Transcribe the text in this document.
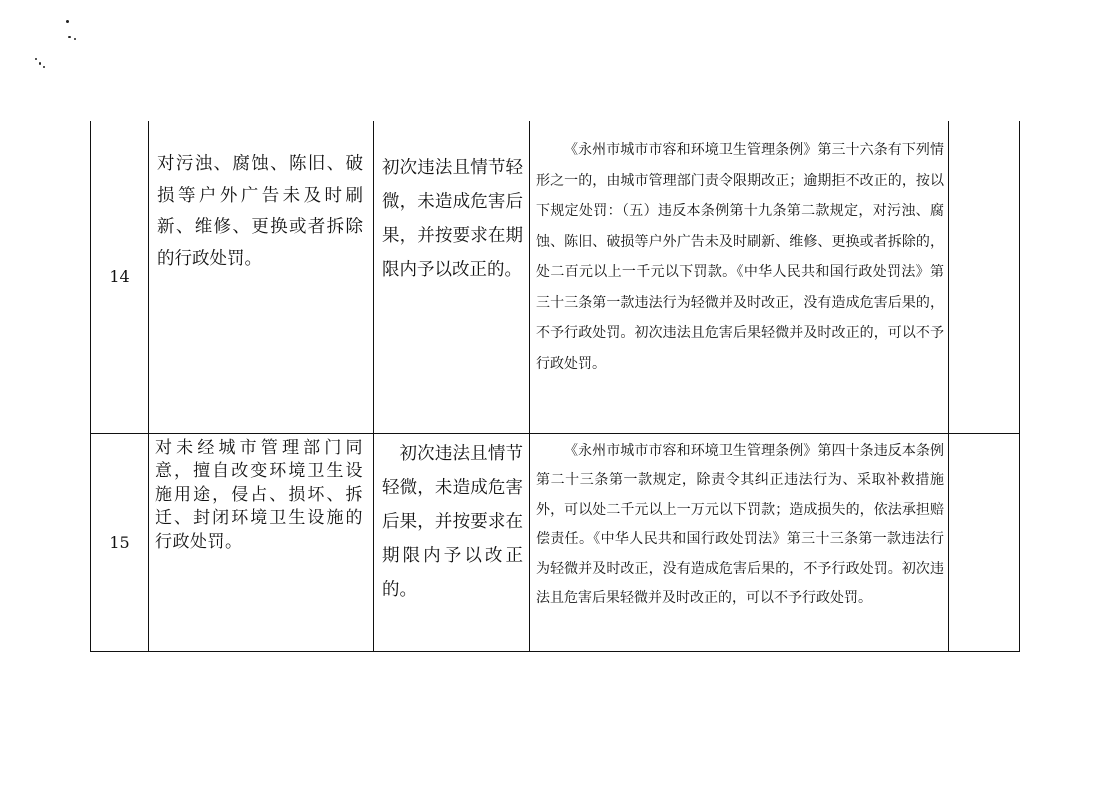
14	对污浊、腐蚀、陈旧、破损等户外广告未及时刷新、维修、更换或者拆除的行政处罚。	初次违法且情节轻微，未造成危害后果，并按要求在期限内予以改正的。	《永州市城市市容和环境卫生管理条例》第三十六条有下列情形之一的，由城市管理部门责令限期改正；逾期拒不改正的，按以下规定处罚：（五）违反本条例第十九条第二款规定，对污浊、腐蚀、陈旧、破损等户外广告未及时刷新、维修、更换或者拆除的，处二百元以上一千元以下罚款。《中华人民共和国行政处罚法》第三十三条第一款违法行为轻微并及时改正，没有造成危害后果的，不予行政处罚。初次违法且危害后果轻微并及时改正的，可以不予行政处罚。	

15	对未经城市管理部门同意，擅自改变环境卫生设施用途，侵占、损坏、拆迁、封闭环境卫生设施的行政处罚。	初次违法且情节轻微，未造成危害后果，并按要求在期限内予以改正的。	《永州市城市市容和环境卫生管理条例》第四十条违反本条例第二十三条第一款规定，除责令其纠正违法行为、采取补救措施外，可以处二千元以上一万元以下罚款；造成损失的，依法承担赔偿责任。《中华人民共和国行政处罚法》第三十三条第一款违法行为轻微并及时改正，没有造成危害后果的，不予行政处罚。初次违法且危害后果轻微并及时改正的，可以不予行政处罚。	
